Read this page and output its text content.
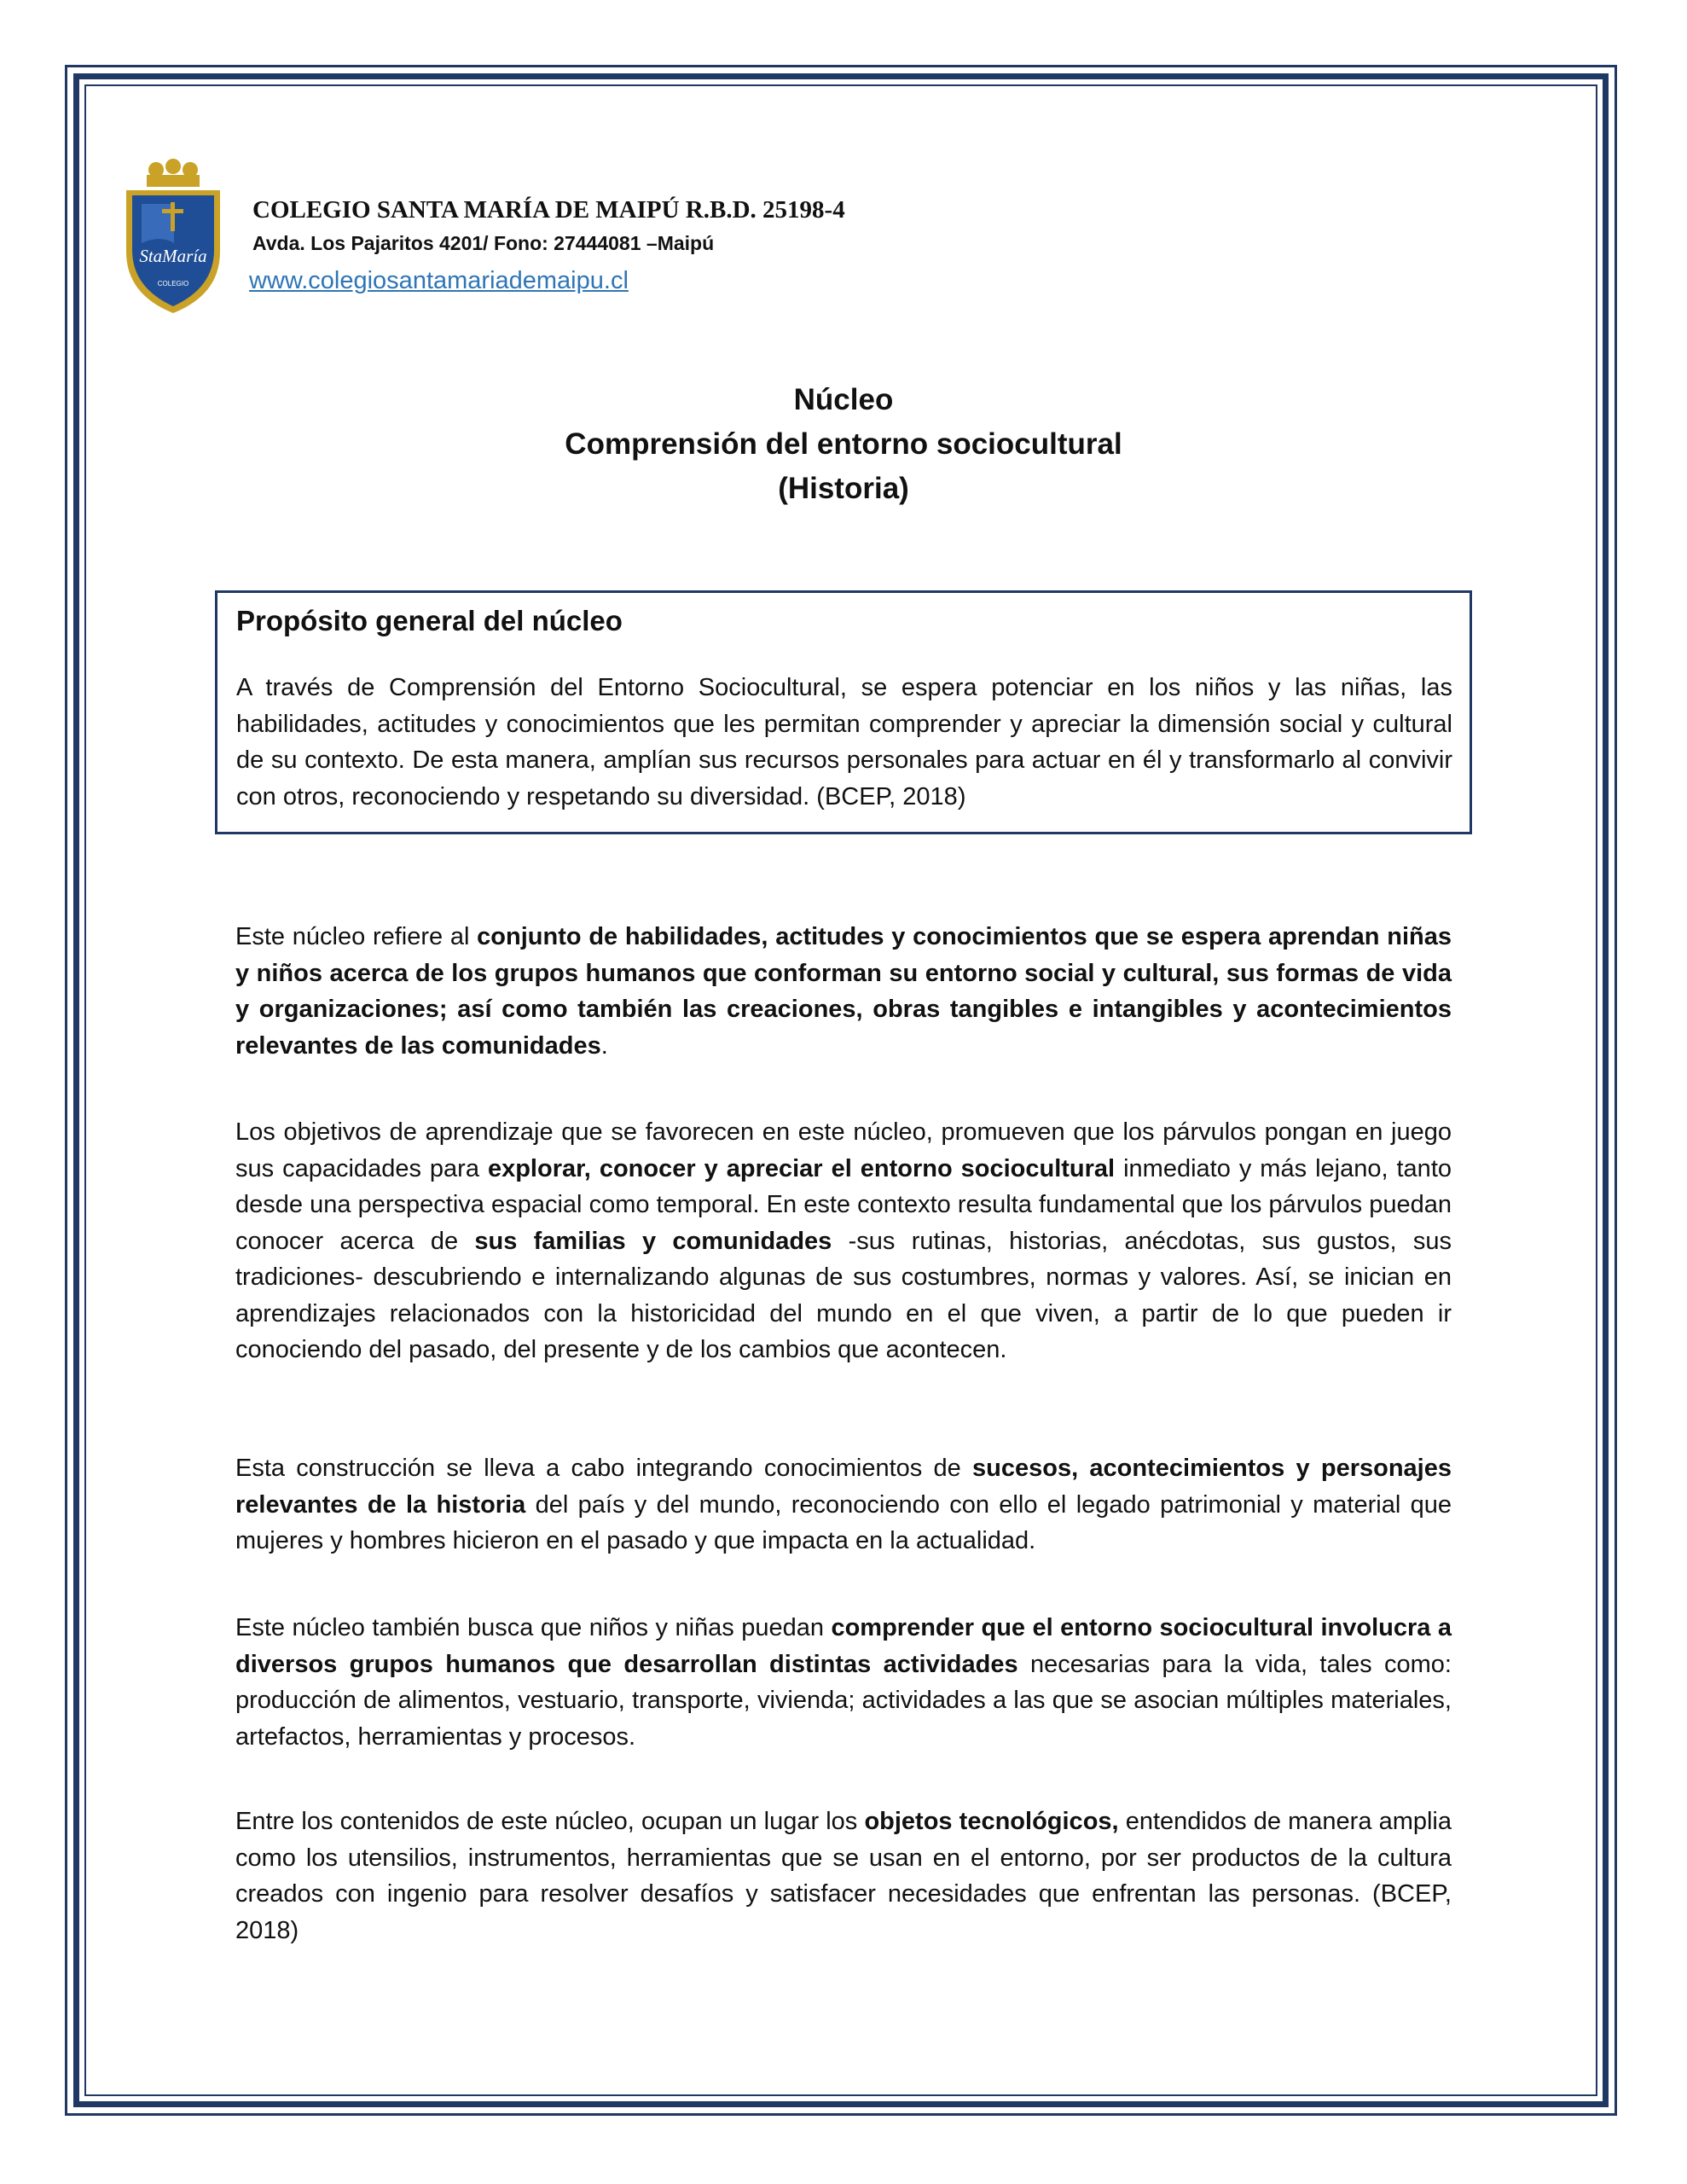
StaMaría
COLEGIO
COLEGIO SANTA MARÍA DE MAIPÚ R.B.D. 25198-4
Avda. Los Pajaritos 4201/ Fono: 27444081 –Maipú
www.colegiosantamariademaipu.cl
Núcleo
Comprensión del entorno sociocultural
(Historia)
Propósito general del núcleo
A través de Comprensión del Entorno Sociocultural, se espera potenciar en los niños y las niñas, las habilidades, actitudes y conocimientos que les permitan comprender y apreciar la dimensión social y cultural de su contexto. De esta manera, amplían sus recursos personales para actuar en él y transformarlo al convivir con otros, reconociendo y respetando su diversidad. (BCEP, 2018)

Este núcleo refiere al conjunto de habilidades, actitudes y conocimientos que se espera aprendan niñas y niños acerca de los grupos humanos que conforman su entorno social y cultural, sus formas de vida y organizaciones; así como también las creaciones, obras tangibles e intangibles y acontecimientos relevantes de las comunidades.

Los objetivos de aprendizaje que se favorecen en este núcleo, promueven que los párvulos pongan en juego sus capacidades para explorar, conocer y apreciar el entorno sociocultural inmediato y más lejano, tanto desde una perspectiva espacial como temporal. En este contexto resulta fundamental que los párvulos puedan conocer acerca de sus familias y comunidades -sus rutinas, historias, anécdotas, sus gustos, sus tradiciones- descubriendo e internalizando algunas de sus costumbres, normas y valores. Así, se inician en aprendizajes relacionados con la historicidad del mundo en el que viven, a partir de lo que pueden ir conociendo del pasado, del presente y de los cambios que acontecen.

Esta construcción se lleva a cabo integrando conocimientos de sucesos, acontecimientos y personajes relevantes de la historia del país y del mundo, reconociendo con ello el legado patrimonial y material que mujeres y hombres hicieron en el pasado y que impacta en la actualidad.

Este núcleo también busca que niños y niñas puedan comprender que el entorno sociocultural involucra a diversos grupos humanos que desarrollan distintas actividades necesarias para la vida, tales como: producción de alimentos, vestuario, transporte, vivienda; actividades a las que se asocian múltiples materiales, artefactos, herramientas y procesos.

Entre los contenidos de este núcleo, ocupan un lugar los objetos tecnológicos, entendidos de manera amplia como los utensilios, instrumentos, herramientas que se usan en el entorno, por ser productos de la cultura creados con ingenio para resolver desafíos y satisfacer necesidades que enfrentan las personas. (BCEP, 2018)
